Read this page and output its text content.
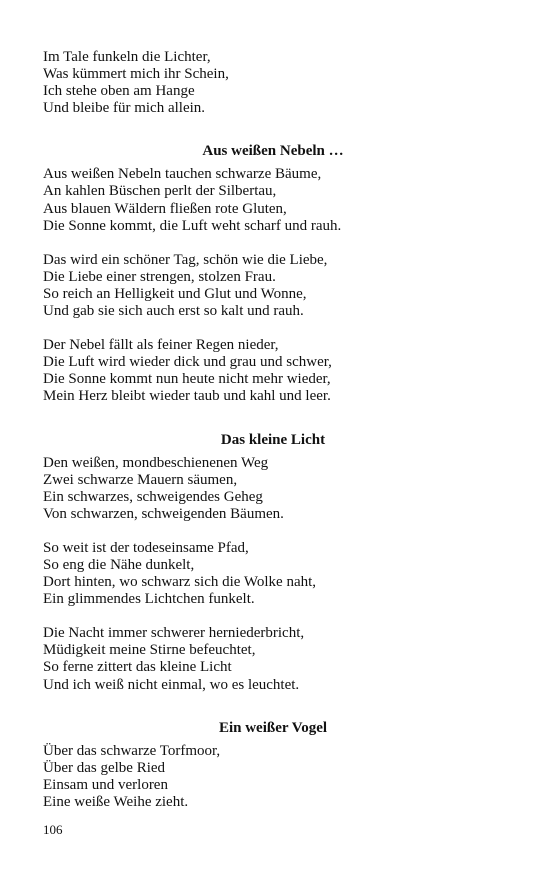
Im Tale funkeln die Lichter,
Was kümmert mich ihr Schein,
Ich stehe oben am Hange
Und bleibe für mich allein.
Aus weißen Nebeln …
Aus weißen Nebeln tauchen schwarze Bäume,
An kahlen Büschen perlt der Silbertau,
Aus blauen Wäldern fließen rote Gluten,
Die Sonne kommt, die Luft weht scharf und rauh.
Das wird ein schöner Tag, schön wie die Liebe,
Die Liebe einer strengen, stolzen Frau.
So reich an Helligkeit und Glut und Wonne,
Und gab sie sich auch erst so kalt und rauh.
Der Nebel fällt als feiner Regen nieder,
Die Luft wird wieder dick und grau und schwer,
Die Sonne kommt nun heute nicht mehr wieder,
Mein Herz bleibt wieder taub und kahl und leer.
Das kleine Licht
Den weißen, mondbeschienenen Weg
Zwei schwarze Mauern säumen,
Ein schwarzes, schweigendes Geheg
Von schwarzen, schweigenden Bäumen.
So weit ist der todeseinsame Pfad,
So eng die Nähe dunkelt,
Dort hinten, wo schwarz sich die Wolke naht,
Ein glimmendes Lichtchen funkelt.
Die Nacht immer schwerer herniederbricht,
Müdigkeit meine Stirne befeuchtet,
So ferne zittert das kleine Licht
Und ich weiß nicht einmal, wo es leuchtet.
Ein weißer Vogel
Über das schwarze Torfmoor,
Über das gelbe Ried
Einsam und verloren
Eine weiße Weihe zieht.
106
